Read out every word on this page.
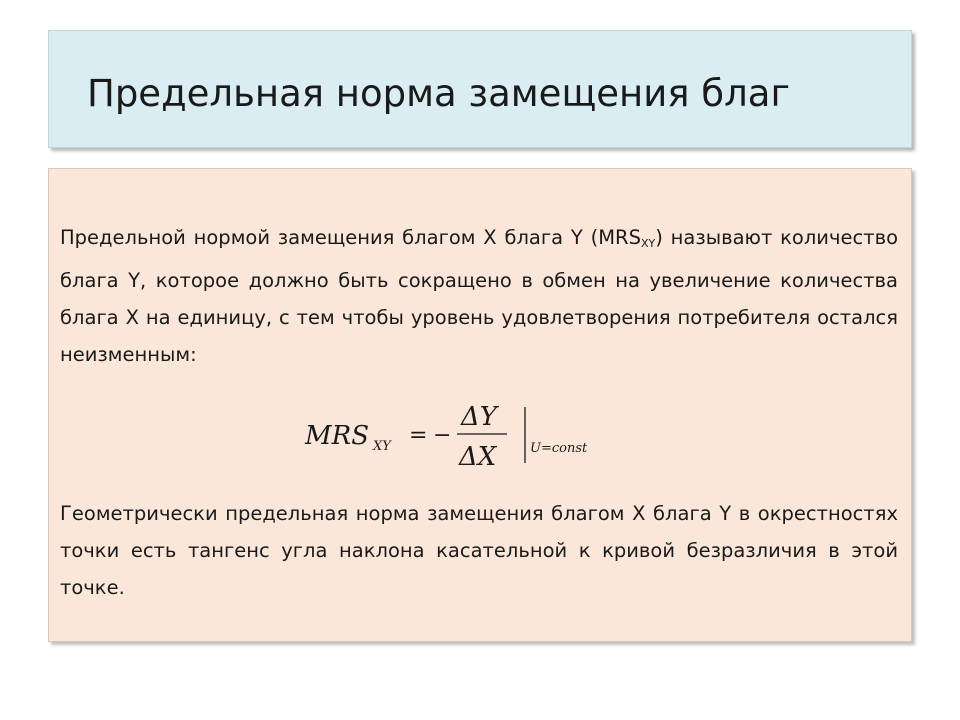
Предельная норма замещения благ

Предельной нормой замещения благом X блага Y $(MRS_{XY})$ называют количество блага Y, которое должно быть сокращено в обмен на увеличение количества блага X на единицу, с тем чтобы уровень удовлетворения потребителя остался неизменным:

MRS XY = −
ΔY
ΔX	U=const

Геометрически предельная норма замещения благом X блага Y в окрестностях точки есть тангенс угла наклона касательной к кривой безразличия в этой точке.
